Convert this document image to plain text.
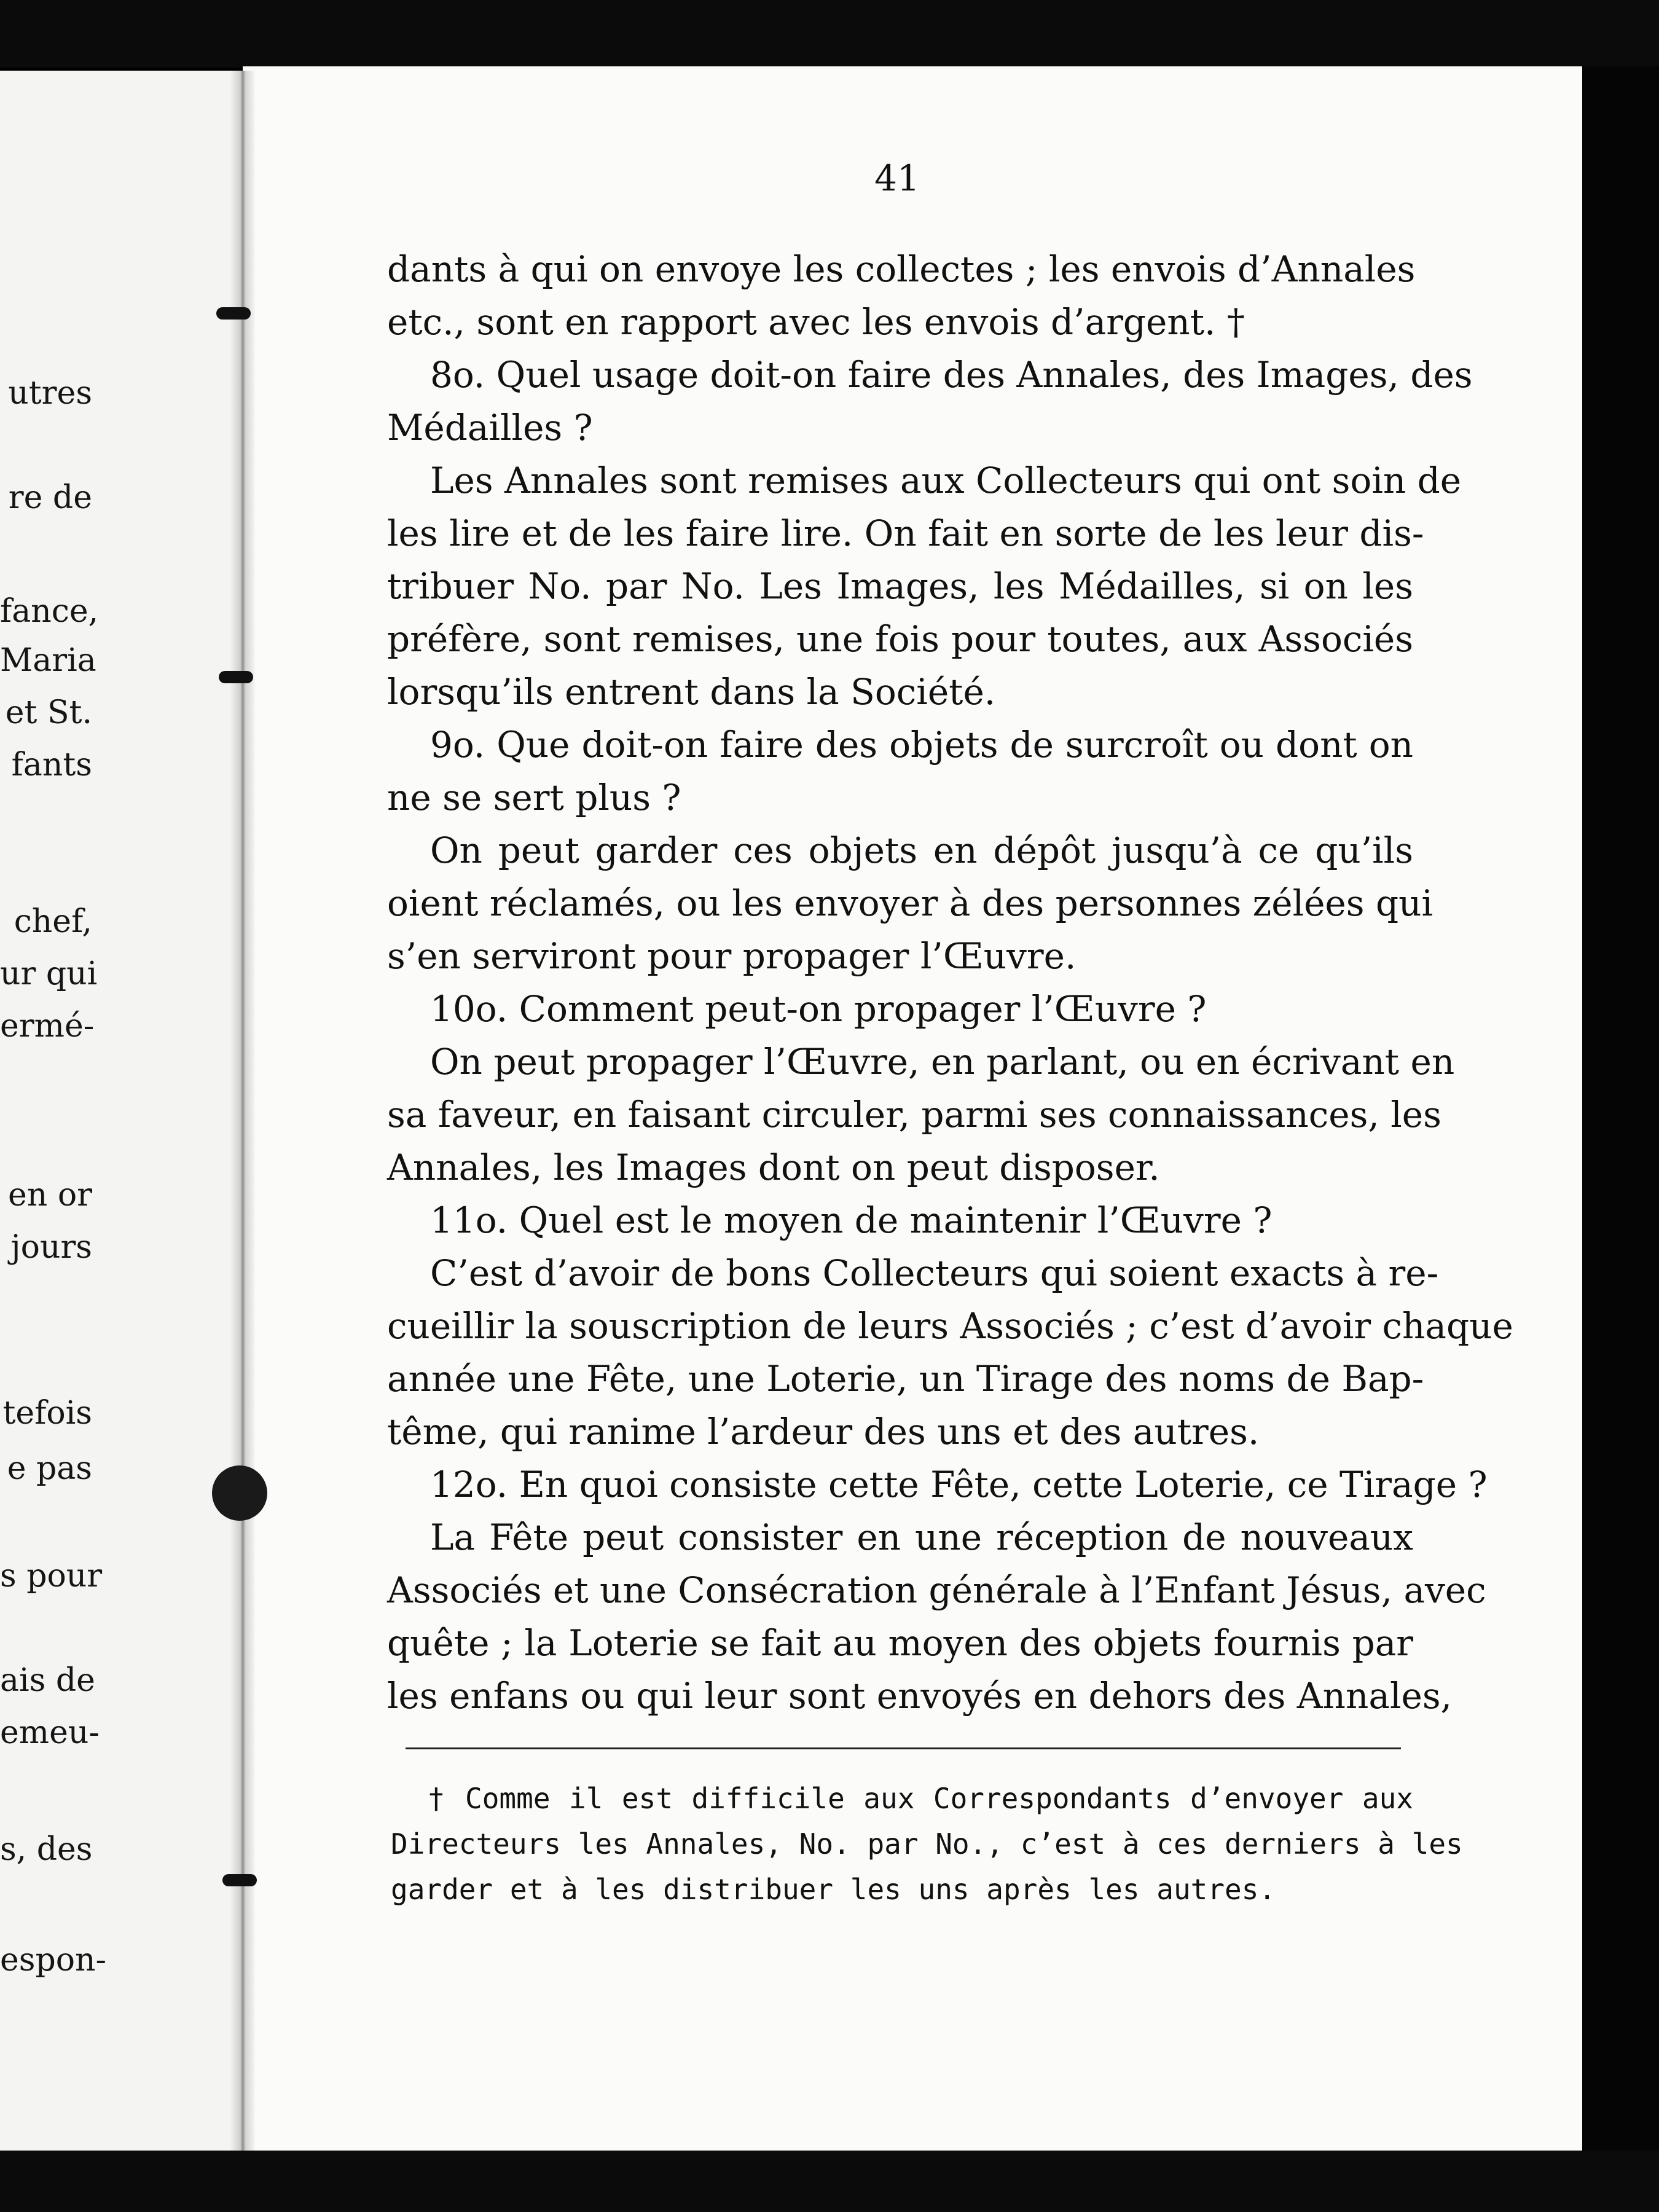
utres
re de
fance,
Maria
et St.
fants
chef,
ur qui
ermé-
en or
jours
tefois
e pas
s pour
ais de
emeu-
s, des
espon-
41
dants à qui on envoye les collectes ; les envois d’Annales
etc., sont en rapport avec les envois d’argent. †
8o. Quel usage doit-on faire des Annales, des Images, des
Médailles ?
Les Annales sont remises aux Collecteurs qui ont soin de
les lire et de les faire lire. On fait en sorte de les leur dis-
tribuer No. par No. Les Images, les Médailles, si on les
préfère, sont remises, une fois pour toutes, aux Associés
lorsqu’ils entrent dans la Société.
9o. Que doit-on faire des objets de surcroît ou dont on
ne se sert plus ?
On peut garder ces objets en dépôt jusqu’à ce qu’ils
oient réclamés, ou les envoyer à des personnes zélées qui
s’en serviront pour propager l’Œuvre.
10o. Comment peut-on propager l’Œuvre ?
On peut propager l’Œuvre, en parlant, ou en écrivant en
sa faveur, en faisant circuler, parmi ses connaissances, les
Annales, les Images dont on peut disposer.
11o. Quel est le moyen de maintenir l’Œuvre ?
C’est d’avoir de bons Collecteurs qui soient exacts à re-
cueillir la souscription de leurs Associés ; c’est d’avoir chaque
année une Fête, une Loterie, un Tirage des noms de Bap-
tême, qui ranime l’ardeur des uns et des autres.
12o. En quoi consiste cette Fête, cette Loterie, ce Tirage ?
La Fête peut consister en une réception de nouveaux
Associés et une Consécration générale à l’Enfant Jésus, avec
quête ; la Loterie se fait au moyen des objets fournis par
les enfans ou qui leur sont envoyés en dehors des Annales,
† Comme il est difficile aux Correspondants d’envoyer aux
Directeurs les Annales, No. par No., c’est à ces derniers à les
garder et à les distribuer les uns après les autres.
